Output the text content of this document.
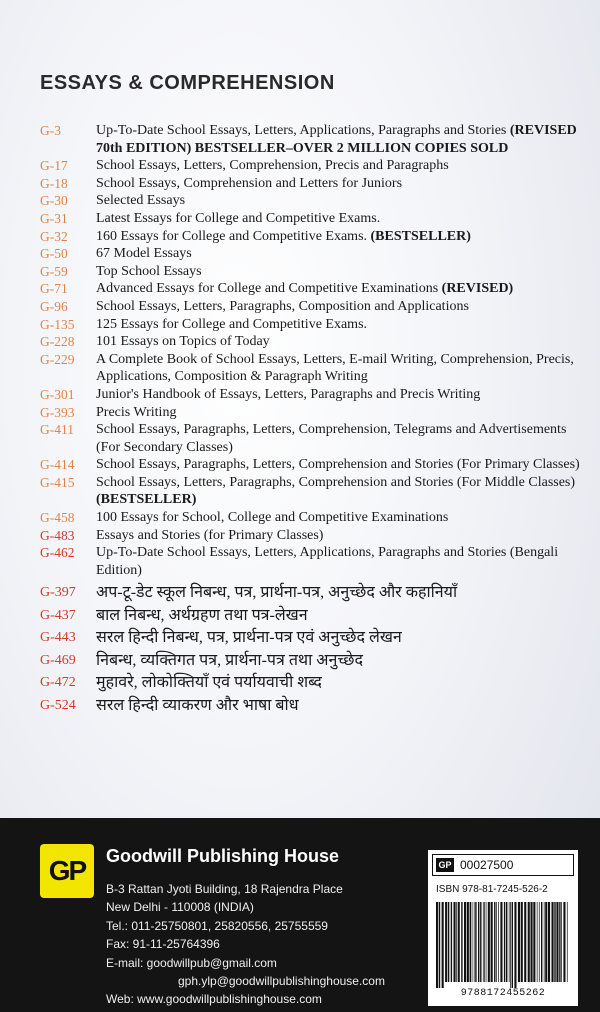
ESSAYS & COMPREHENSION
G-3	Up-To-Date School Essays, Letters, Applications, Paragraphs and Stories (REVISED 70th EDITION) BESTSELLER–OVER 2 MILLION COPIES SOLD
G-17	School Essays, Letters, Comprehension, Precis and Paragraphs
G-18	School Essays, Comprehension and Letters for Juniors
G-30	Selected Essays
G-31	Latest Essays for College and Competitive Exams.
G-32	160 Essays for College and Competitive Exams. (BESTSELLER)
G-50	67 Model Essays
G-59	Top School Essays
G-71	Advanced Essays for College and Competitive Examinations (REVISED)
G-96	School Essays, Letters, Paragraphs, Composition and Applications
G-135	125 Essays for College and Competitive Exams.
G-228	101 Essays on Topics of Today
G-229	A Complete Book of School Essays, Letters, E-mail Writing, Comprehension, Precis, Applications, Composition & Paragraph Writing
G-301	Junior's Handbook of Essays, Letters, Paragraphs and Precis Writing
G-393	Precis Writing
G-411	School Essays, Paragraphs, Letters, Comprehension, Telegrams and Advertisements (For Secondary Classes)
G-414	School Essays, Paragraphs, Letters, Comprehension and Stories (For Primary Classes)
G-415	School Essays, Letters, Paragraphs, Comprehension and Stories (For Middle Classes) (BESTSELLER)
G-458	100 Essays for School, College and Competitive Examinations
G-483	Essays and Stories (for Primary Classes)
G-462	Up-To-Date School Essays, Letters, Applications, Paragraphs and Stories (Bengali Edition)
G-397	अप-टू-डेट स्कूल निबन्ध, पत्र, प्रार्थना-पत्र, अनुच्छेद और कहानियाँ
G-437	बाल निबन्ध, अर्थग्रहण तथा पत्र-लेखन
G-443	सरल हिन्दी निबन्ध, पत्र, प्रार्थना-पत्र एवं अनुच्छेद लेखन
G-469	निबन्ध, व्यक्तिगत पत्र, प्रार्थना-पत्र तथा अनुच्छेद
G-472	मुहावरे, लोकोक्तियाँ एवं पर्यायवाची शब्द
G-524	सरल हिन्दी व्याकरण और भाषा बोध
GP Goodwill Publishing House
B-3 Rattan Jyoti Building, 18 Rajendra Place
New Delhi - 110008 (INDIA)
Tel.: 011-25750801, 25820556, 25755559
Fax: 91-11-25764396
E-mail: goodwillpub@gmail.com
gph.ylp@goodwillpublishinghouse.com
Web: www.goodwillpublishinghouse.com
GP 00027500
ISBN 978-81-7245-526-2
9788172455262
